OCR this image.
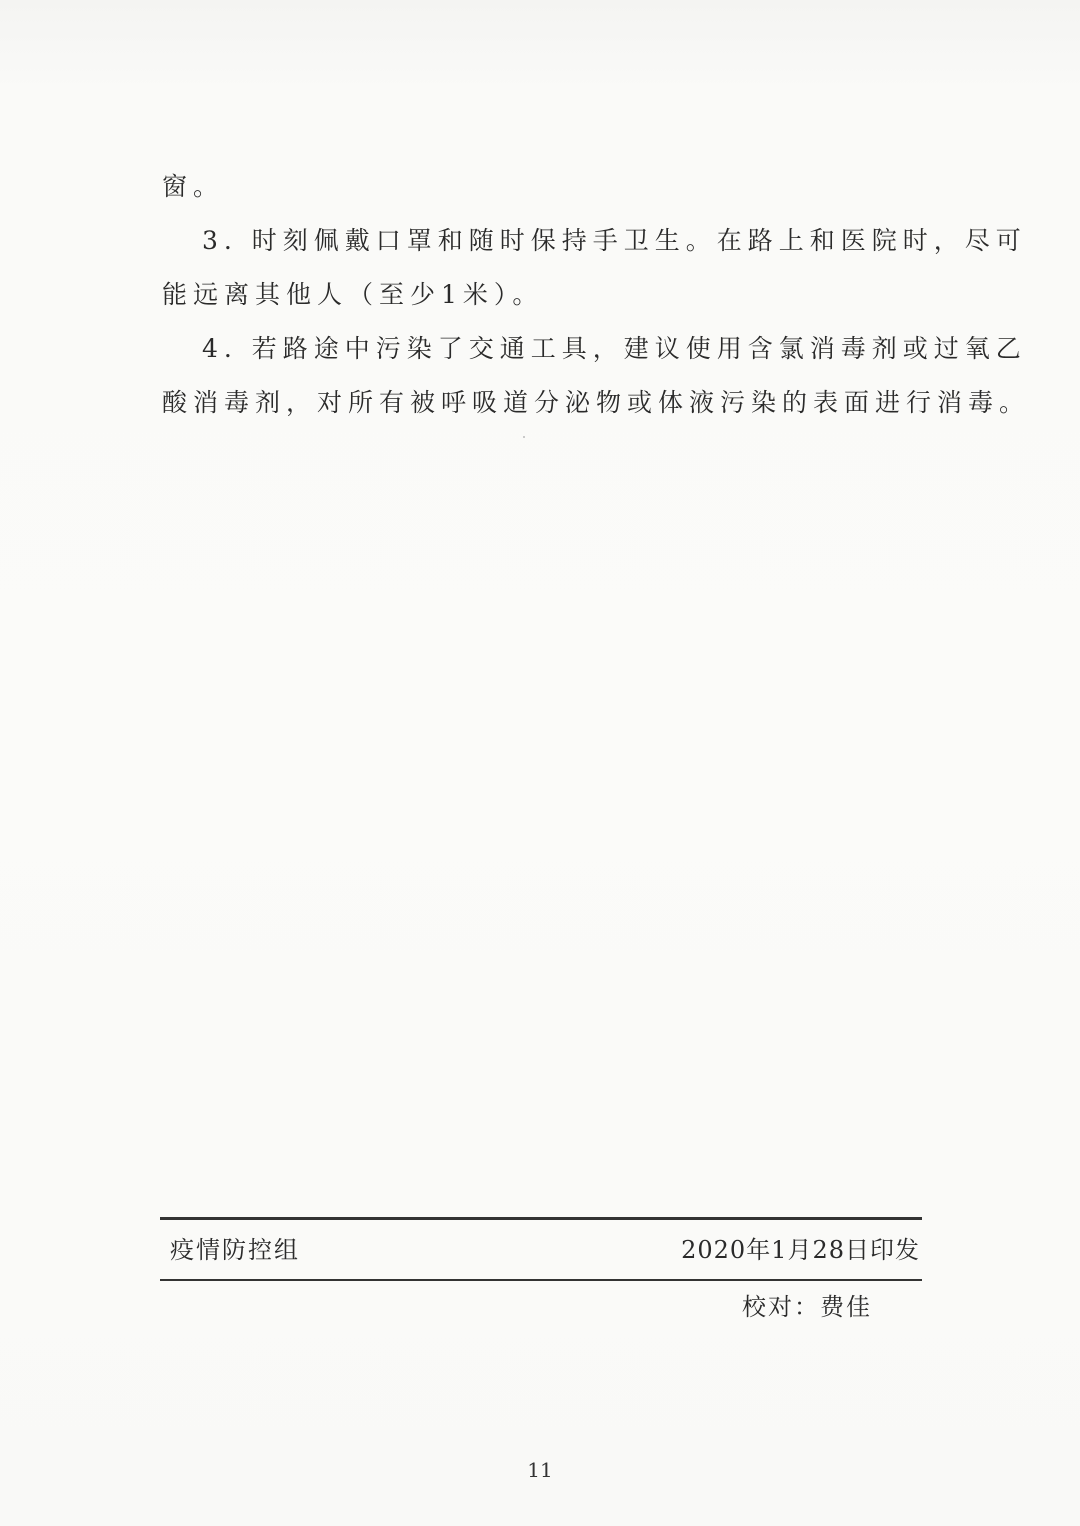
窗。
3. 时刻佩戴口罩和随时保持手卫生。在路上和医院时，尽可
能远离其他人（至少1米）。
4. 若路途中污染了交通工具，建议使用含氯消毒剂或过氧乙
酸消毒剂，对所有被呼吸道分泌物或体液污染的表面进行消毒。
疫情防控组	2020年1月28日印发
校对：费佳
11
